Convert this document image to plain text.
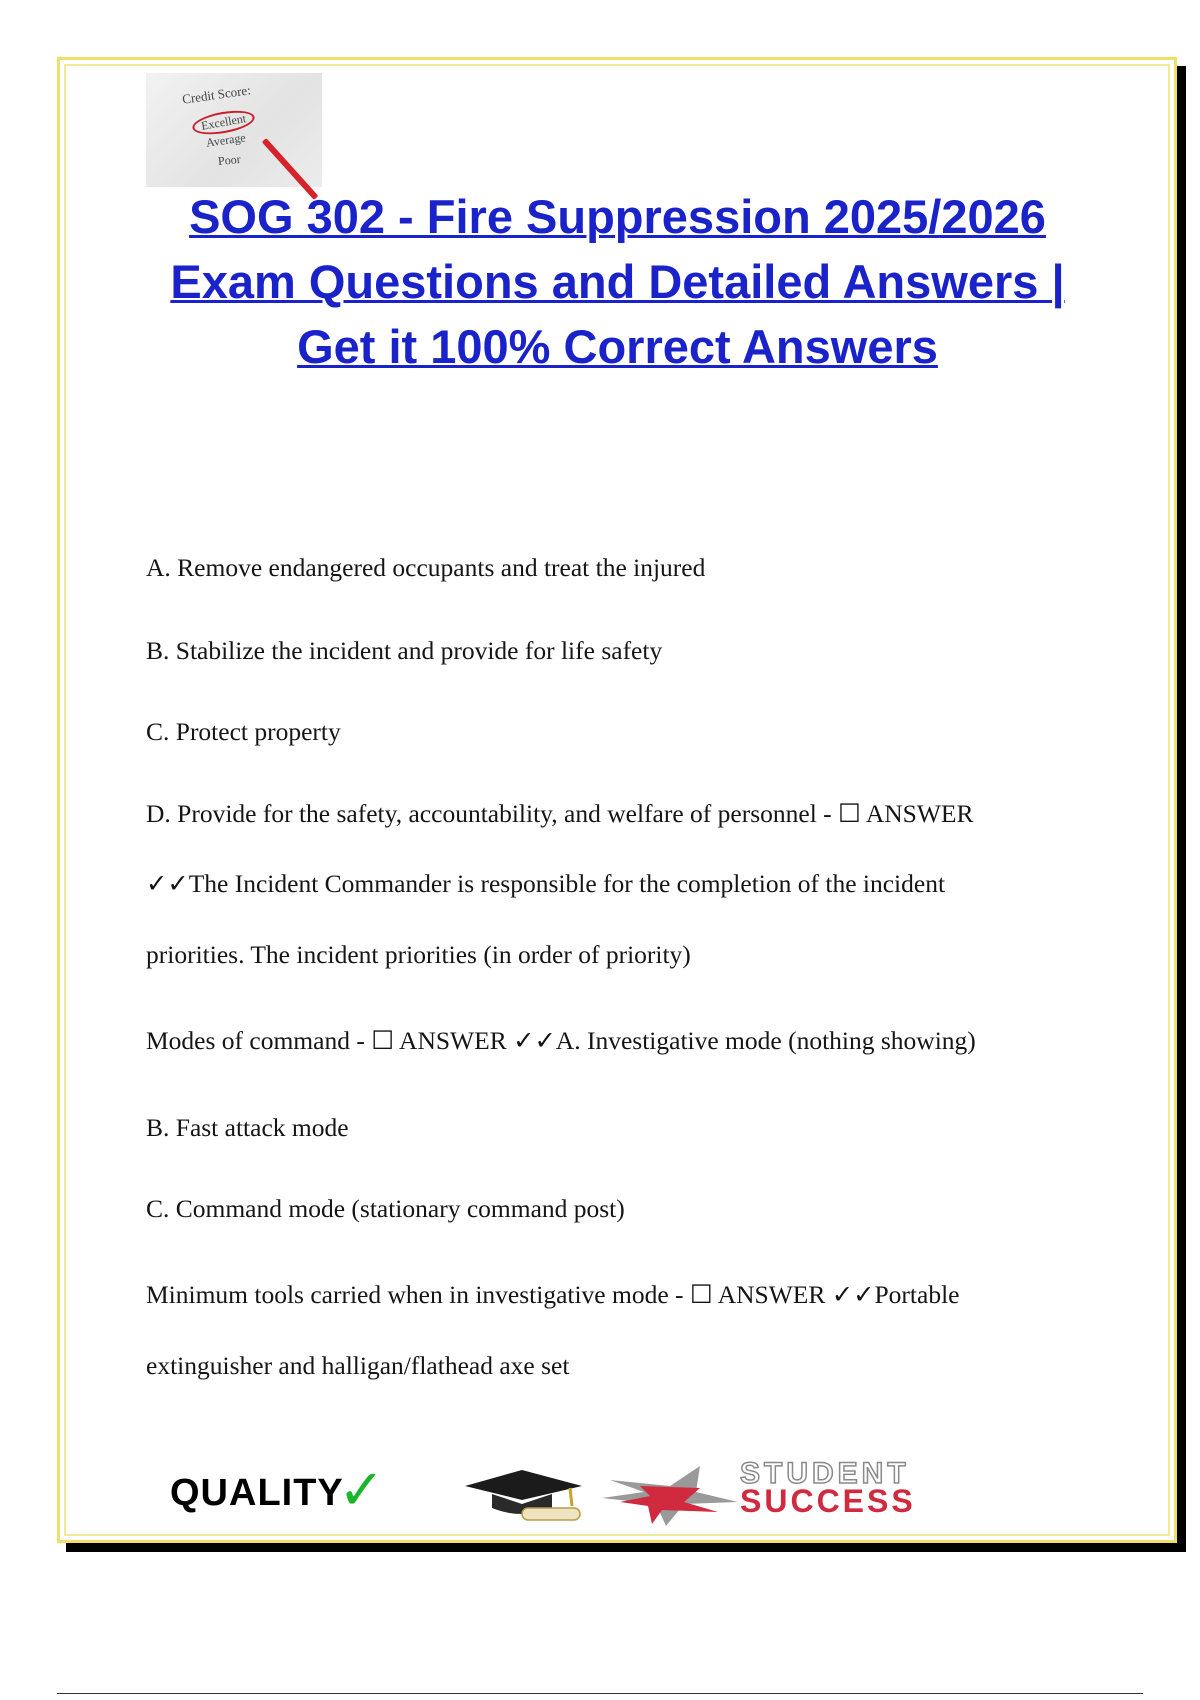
Credit Score:
Excellent
Average
Poor
SOG 302 - Fire Suppression 2025/2026
Exam Questions and Detailed Answers |
Get it 100% Correct Answers
A. Remove endangered occupants and treat the injured
B. Stabilize the incident and provide for life safety
C. Protect property
D. Provide for the safety, accountability, and welfare of personnel - ☐ ANSWER
✓✓The Incident Commander is responsible for the completion of the incident
priorities. The incident priorities (in order of priority)
Modes of command - ☐ ANSWER ✓✓A. Investigative mode (nothing showing)
B. Fast attack mode
C. Command mode (stationary command post)
Minimum tools carried when in investigative mode - ☐ ANSWER ✓✓Portable
extinguisher and halligan/flathead axe set
QUALITY
✓	STUDENT
SUCCESS
